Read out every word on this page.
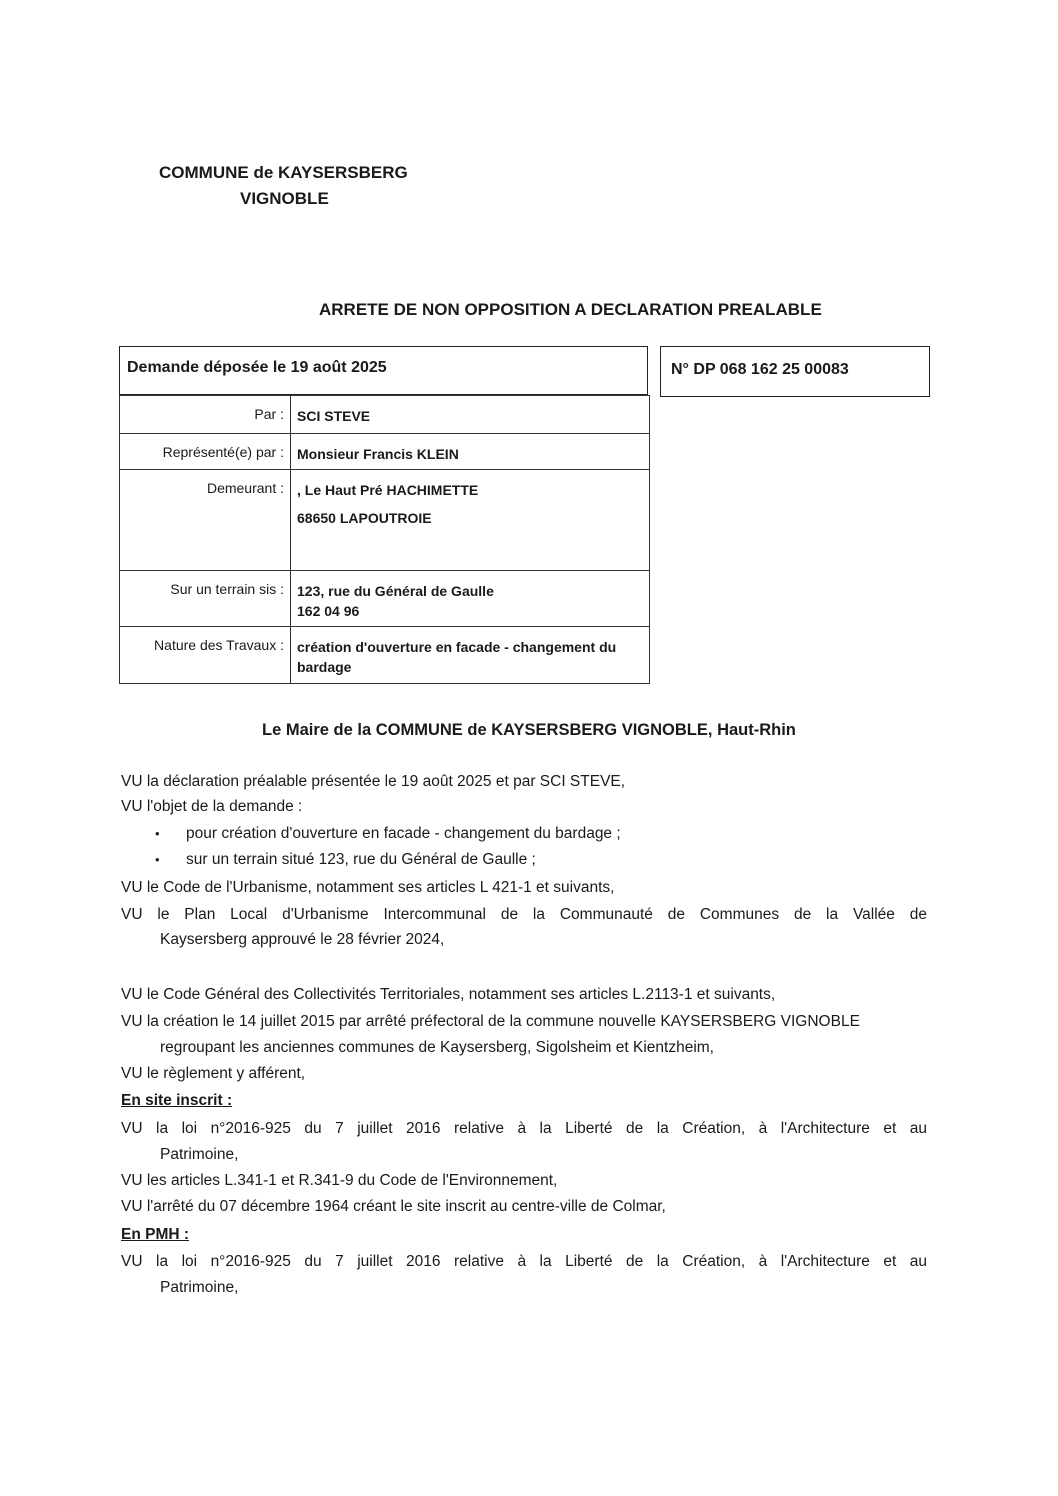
COMMUNE de KAYSERSBERG
VIGNOBLE
ARRETE DE NON OPPOSITION A DECLARATION PREALABLE
Demande déposée le 19 août 2025	N° DP 068 162 25 00083
Par :	SCI STEVE

Représenté(e) par :	Monsieur Francis KLEIN

Demeurant :	, Le Haut Pré HACHIMETTE
68650 LAPOUTROIE

Sur un terrain sis :	123, rue du Général de Gaulle
162 04 96

Nature des Travaux :	création d'ouverture en facade - changement du
bardage
Le Maire de la COMMUNE de KAYSERSBERG VIGNOBLE, Haut-Rhin
VU la déclaration préalable présentée le 19 août 2025 et par SCI STEVE,
VU l'objet de la demande :
• pour création d'ouverture en facade - changement du bardage ;
• sur un terrain situé 123, rue du Général de Gaulle ;
VU le Code de l'Urbanisme, notamment ses articles L 421-1 et suivants,
VU le Plan Local d'Urbanisme Intercommunal de la Communauté de Communes de la Vallée de
Kaysersberg approuvé le 28 février 2024,
VU le Code Général des Collectivités Territoriales, notamment ses articles L.2113-1 et suivants,
VU la création le 14 juillet 2015 par arrêté préfectoral de la commune nouvelle KAYSERSBERG VIGNOBLE
regroupant les anciennes communes de Kaysersberg, Sigolsheim et Kientzheim,
VU le règlement y afférent,
En site inscrit :
VU la loi n°2016-925 du 7 juillet 2016 relative à la Liberté de la Création, à l'Architecture et au
Patrimoine,
VU les articles L.341-1 et R.341-9 du Code de l'Environnement,
VU l'arrêté du 07 décembre 1964 créant le site inscrit au centre-ville de Colmar,
En PMH :
VU la loi n°2016-925 du 7 juillet 2016 relative à la Liberté de la Création, à l'Architecture et au
Patrimoine,
